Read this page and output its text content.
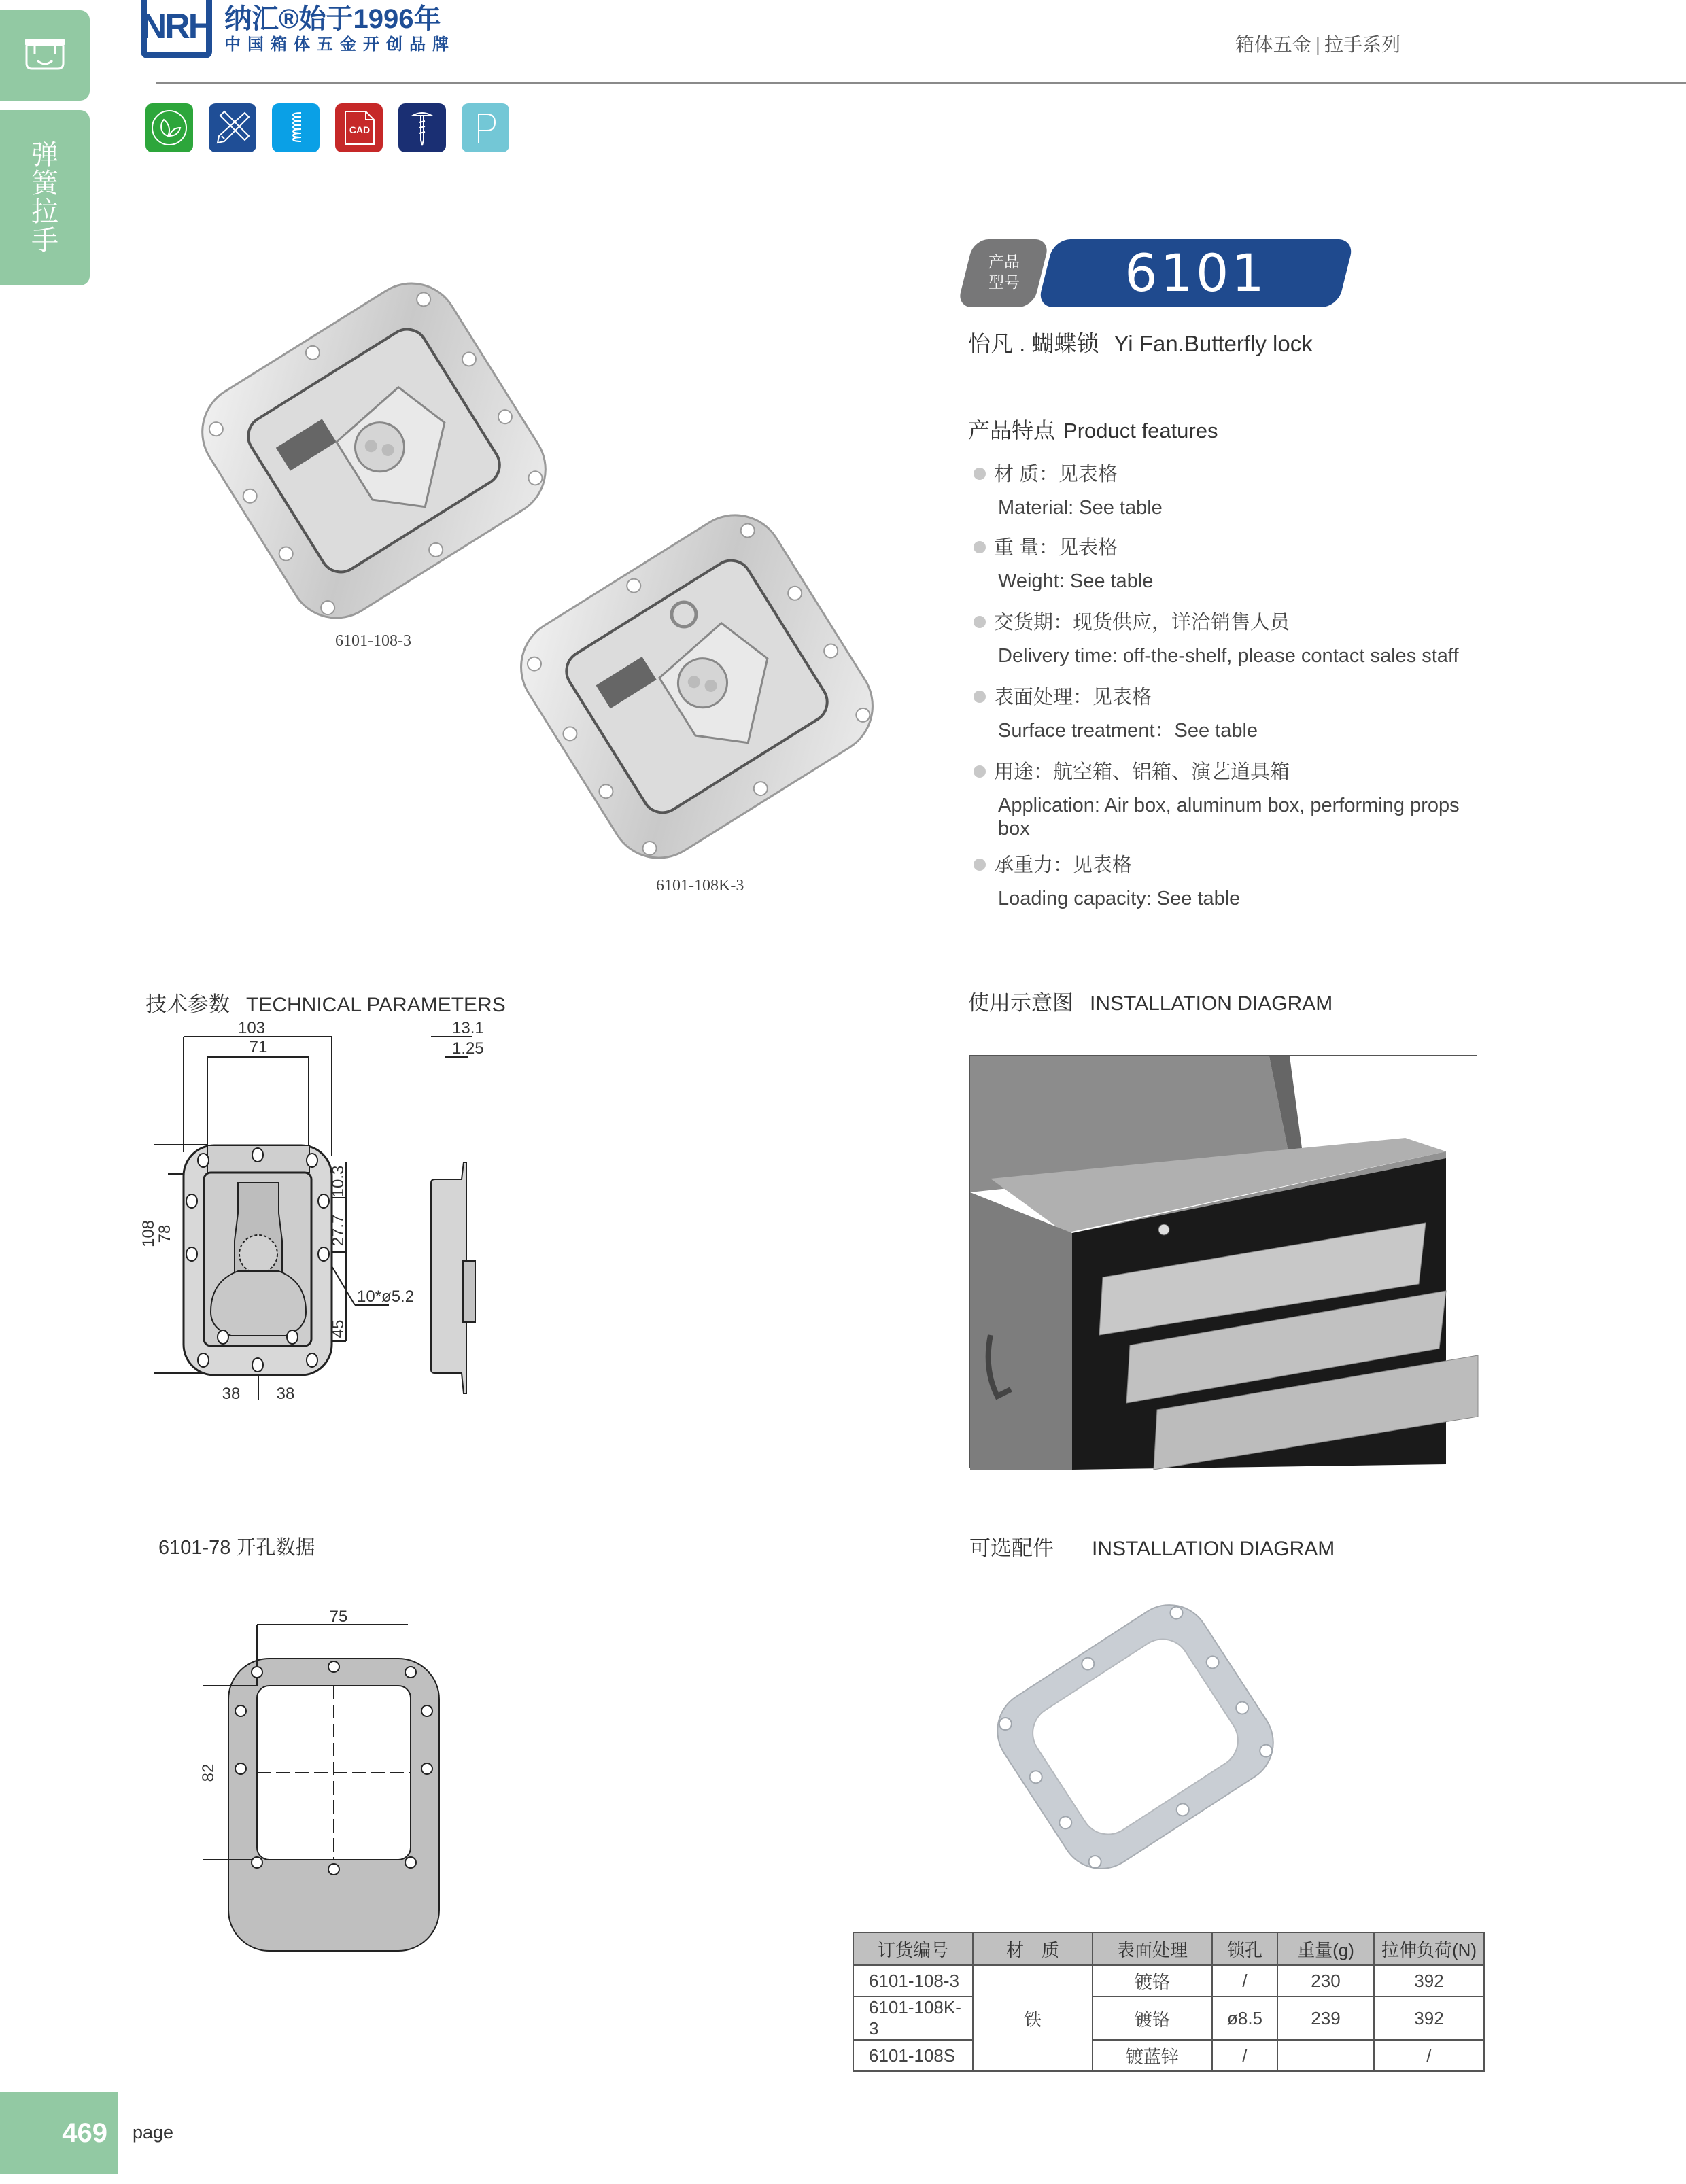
弹
簧
拉
手
NRH 纳汇®始于1996年
中国箱体五金开创品牌	箱体五金 | 拉手系列
CAD
6101-108-3
6101-108K-3
产品
型号	6101
怡凡 . 蝴蝶锁 Yi Fan.Butterfly lock
产品特点 Product features
材 质：见表格
Material: See table
重 量：见表格
Weight: See table
交货期：现货供应，详洽销售人员
Delivery time: off-the-shelf, please contact sales staff
表面处理：见表格
Surface treatment：See table
用途：航空箱、铝箱、演艺道具箱
Application: Air box, aluminum box, performing props box
承重力：见表格
Loading capacity: See table
技术参数 TECHNICAL PARAMETERS
103
71
108
78
10.3
27.7
45
10*ø5.2
38 38
13.1
1.25
6101-78 开孔数据
75
82
使用示意图 INSTALLATION DIAGRAM
可选配件 INSTALLATION DIAGRAM
订货编号	材　质	表面处理	锁孔	重量(g)	拉伸负荷(N)
6101-108-3	铁	镀铬	/	230	392
6101-108K-3		镀铬	ø8.5	239	392
6101-108S		镀蓝锌	/		/
469	page
